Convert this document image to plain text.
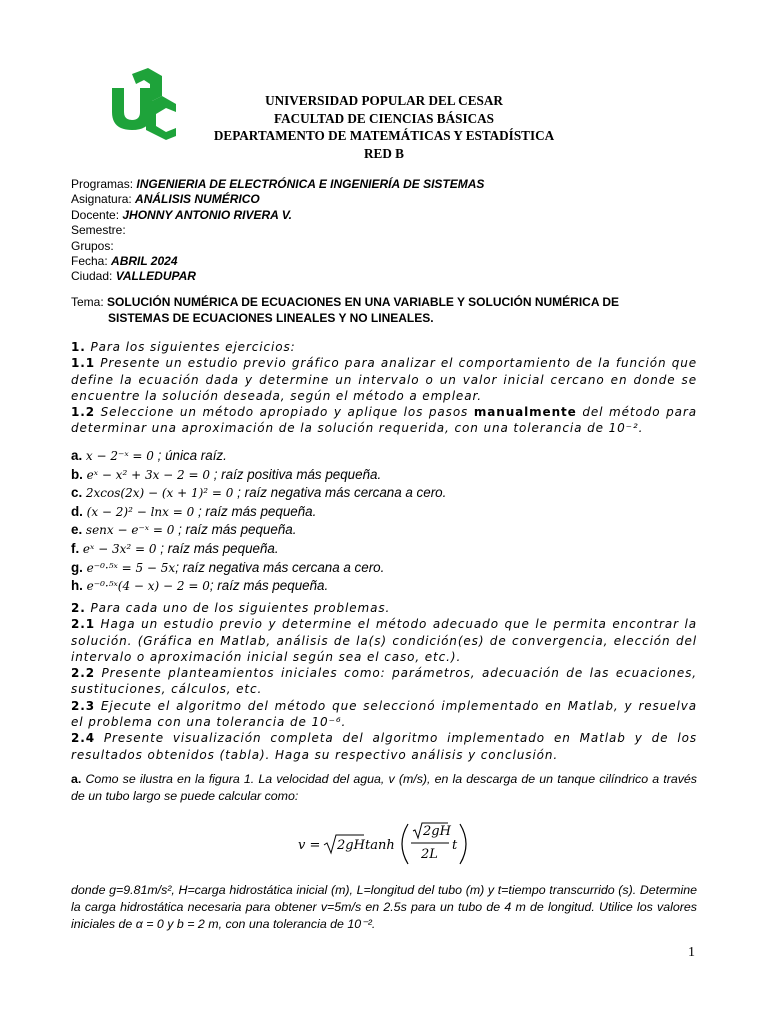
UNIVERSIDAD POPULAR DEL CESAR
FACULTAD DE CIENCIAS BÁSICAS
DEPARTAMENTO DE MATEMÁTICAS Y ESTADÍSTICA
RED B
Programas: INGENIERIA DE ELECTRÓNICA E INGENIERÍA DE SISTEMAS
Asignatura: ANÁLISIS NUMÉRICO
Docente: JHONNY ANTONIO RIVERA V.
Semestre:
Grupos:
Fecha: ABRIL 2024
Ciudad: VALLEDUPAR
Tema: SOLUCIÓN NUMÉRICA DE ECUACIONES EN UNA VARIABLE Y SOLUCIÓN NUMÉRICA DE
SISTEMAS DE ECUACIONES LINEALES Y NO LINEALES.
1. Para los siguientes ejercicios:
1.1 Presente un estudio previo gráfico para analizar el comportamiento de la función que define la ecuación dada y determine un intervalo o un valor inicial cercano en donde se encuentre la solución deseada, según el método a emplear.
1.2 Seleccione un método apropiado y aplique los pasos manualmente del método para determinar una aproximación de la solución requerida, con una tolerancia de 10⁻².
a. x − 2⁻ˣ = 0 ; única raíz.
b. eˣ − x² + 3x − 2 = 0 ; raíz positiva más pequeña.
c. 2xcos(2x) − (x + 1)² = 0 ; raíz negativa más cercana a cero.
d. (x − 2)² − lnx = 0 ; raíz más pequeña.
e. senx − e⁻ˣ = 0 ; raíz más pequeña.
f. eˣ − 3x² = 0 ; raíz más pequeña.
g. e⁻⁰·⁵ˣ = 5 − 5x; raíz negativa más cercana a cero.
h. e⁻⁰·⁵ˣ(4 − x) − 2 = 0; raíz más pequeña.
2. Para cada uno de los siguientes problemas.
2.1 Haga un estudio previo y determine el método adecuado que le permita encontrar la solución. (Gráfica en Matlab, análisis de la(s) condición(es) de convergencia, elección del intervalo o aproximación inicial según sea el caso, etc.).
2.2 Presente planteamientos iniciales como: parámetros, adecuación de las ecuaciones, sustituciones, cálculos, etc.
2.3 Ejecute el algoritmo del método que seleccionó implementado en Matlab, y resuelva el problema con una tolerancia de 10⁻⁶.
2.4 Presente visualización completa del algoritmo implementado en Matlab y de los resultados obtenidos (tabla). Haga su respectivo análisis y conclusión.
a. Como se ilustra en la figura 1. La velocidad del agua, v (m/s), en la descarga de un tanque cilíndrico a través de un tubo largo se puede calcular como:
v = 2gH tanh
2gH
2L
t
donde g=9.81m/s², H=carga hidrostática inicial (m), L=longitud del tubo (m) y t=tiempo transcurrido (s). Determine la carga hidrostática necesaria para obtener v=5m/s en 2.5s para un tubo de 4 m de longitud. Utilice los valores iniciales de α = 0 y b = 2 m, con una tolerancia de 10⁻².
1
